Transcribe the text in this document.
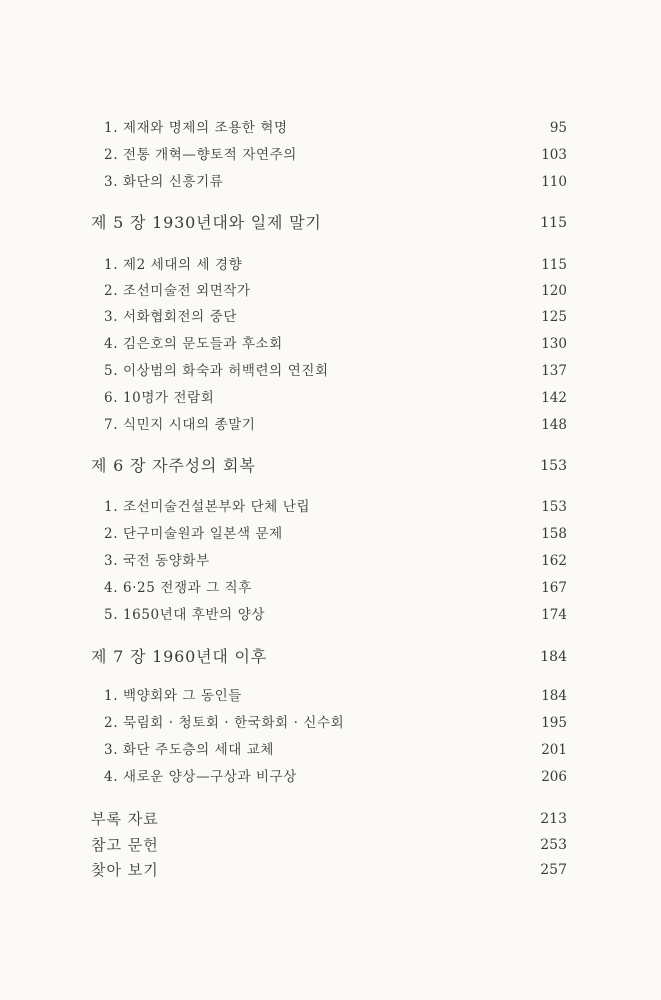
1. 제재와 명제의 조용한 혁명	95
2. 전통 개혁—향토적 자연주의	103
3. 화단의 신흥기류	110
제 5 장 1930년대와 일제 말기	115
1. 제2 세대의 세 경향	115
2. 조선미술전 외면작가	120
3. 서화협회전의 중단	125
4. 김은호의 문도들과 후소회	130
5. 이상범의 화숙과 허백련의 연진회	137
6. 10명가 전람회	142
7. 식민지 시대의 종말기	148
제 6 장 자주성의 회복	153
1. 조선미술건설본부와 단체 난립	153
2. 단구미술원과 일본색 문제	158
3. 국전 동양화부	162
4. 6·25 전쟁과 그 직후	167
5. 1650년대 후반의 양상	174
제 7 장 1960년대 이후	184
1. 백양회와 그 동인들	184
2. 묵림회 · 청토회 · 한국화회 · 신수회	195
3. 화단 주도층의 세대 교체	201
4. 새로운 양상—구상과 비구상	206
부록 자료	213
참고 문헌	253
찾아 보기	257
